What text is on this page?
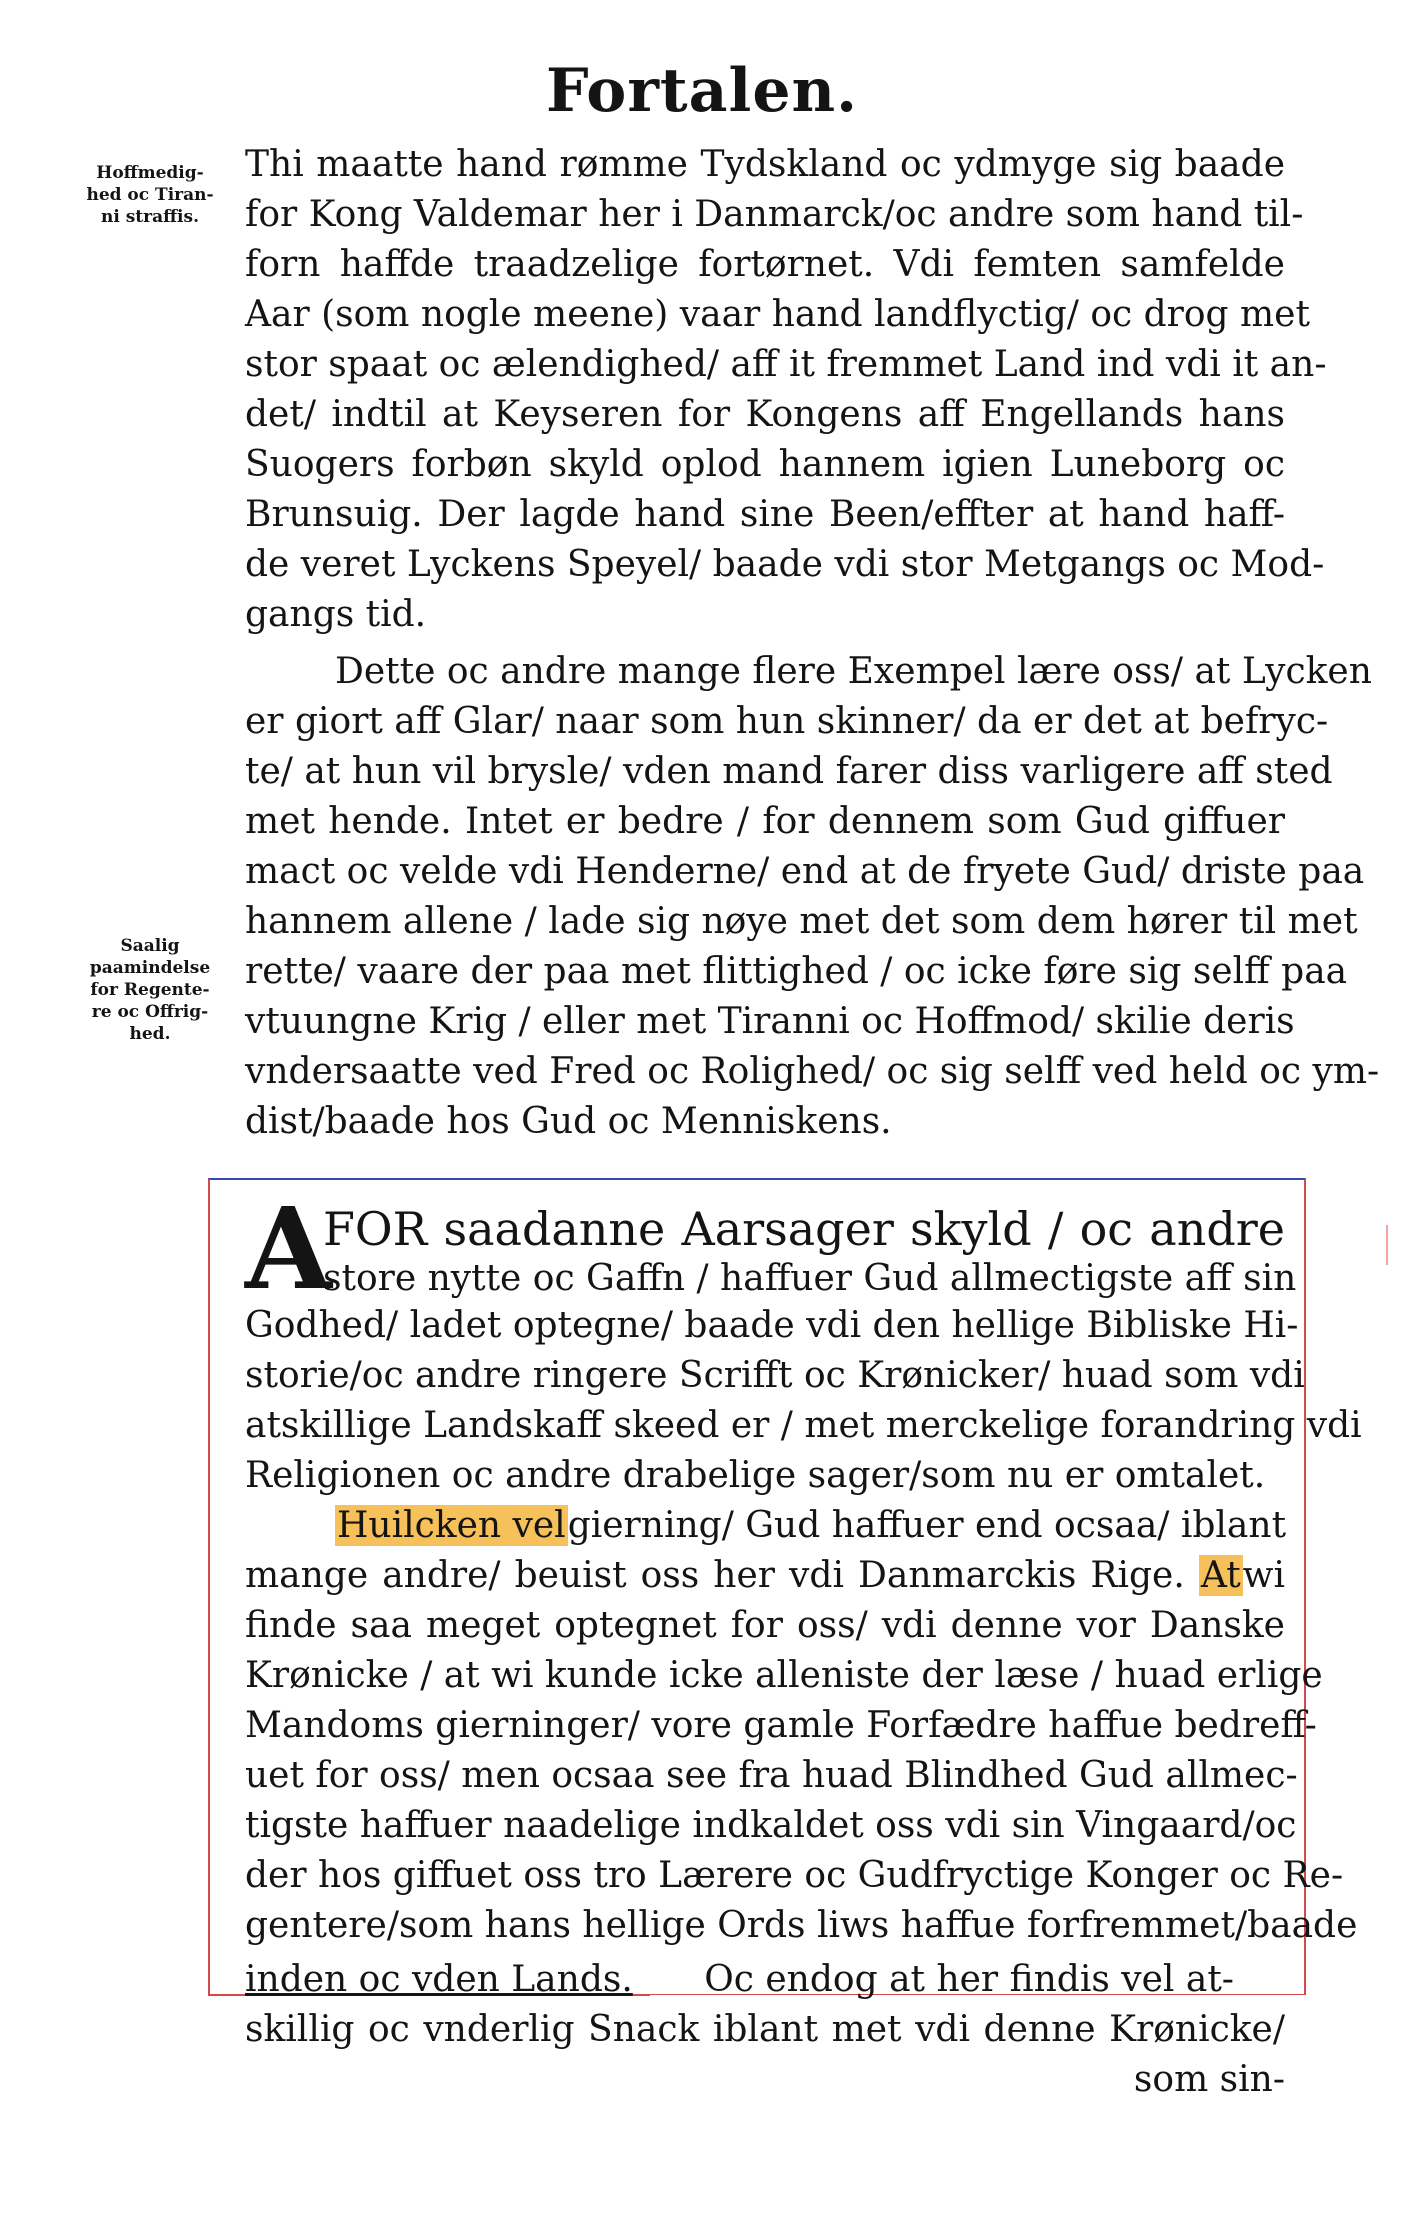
Fortalen.
Hoffmedig-
hed oc Tiran-
ni straffis.
Saalig
paamindelse
for Regente-
re oc Offrig-
hed.
Thi maatte hand rømme Tydskland oc ydmyge sig baade
for Kong Valdemar her i Danmarck/oc andre som hand til-
forn haffde traadzelige fortørnet. Vdi femten samfelde
Aar (som nogle meene) vaar hand landflyctig/ oc drog met
stor spaat oc ælendighed/ aff it fremmet Land ind vdi it an-
det/ indtil at Keyseren for Kongens aff Engellands hans
Suogers forbøn skyld oplod hannem igien Luneborg oc
Brunsuig. Der lagde hand sine Been/effter at hand haff-
de veret Lyckens Speyel/ baade vdi stor Metgangs oc Mod-
gangs tid.
Dette oc andre mange flere Exempel lære oss/ at Lycken
er giort aff Glar/ naar som hun skinner/ da er det at befryc-
te/ at hun vil brysle/ vden mand farer diss varligere aff sted
met hende. Intet er bedre / for dennem som Gud giffuer
mact oc velde vdi Henderne/ end at de fryete Gud/ driste paa
hannem allene / lade sig nøye met det som dem hører til met
rette/ vaare der paa met flittighed / oc icke føre sig selff paa
vtuungne Krig / eller met Tiranni oc Hoffmod/ skilie deris
vndersaatte ved Fred oc Rolighed/ oc sig selff ved held oc ym-
dist/baade hos Gud oc Menniskens.
A
FOR saadanne Aarsager skyld / oc andre
store nytte oc Gaffn / haffuer Gud allmectigste aff sin
Godhed/ ladet optegne/ baade vdi den hellige Bibliske Hi-
storie/oc andre ringere Scrifft oc Krønicker/ huad som vdi
atskillige Landskaff skeed er / met merckelige forandring vdi
Religionen oc andre drabelige sager/som nu er omtalet.
Huilcken velgierning/ Gud haffuer end ocsaa/ iblant
mange andre/ beuist oss her vdi Danmarckis Rige. Atwi
finde saa meget optegnet for oss/ vdi denne vor Danske
Krønicke / at wi kunde icke alleniste der læse / huad erlige
Mandoms gierninger/ vore gamle Forfædre haffue bedreff-
uet for oss/ men ocsaa see fra huad Blindhed Gud allmec-
tigste haffuer naadelige indkaldet oss vdi sin Vingaard/oc
der hos giffuet oss tro Lærere oc Gudfryctige Konger oc Re-
gentere/som hans hellige Ords liws haffue forfremmet/baade
inden oc vden Lands. Oc endog at her findis vel at-
skillig oc vnderlig Snack iblant met vdi denne Krønicke/
som sin-
